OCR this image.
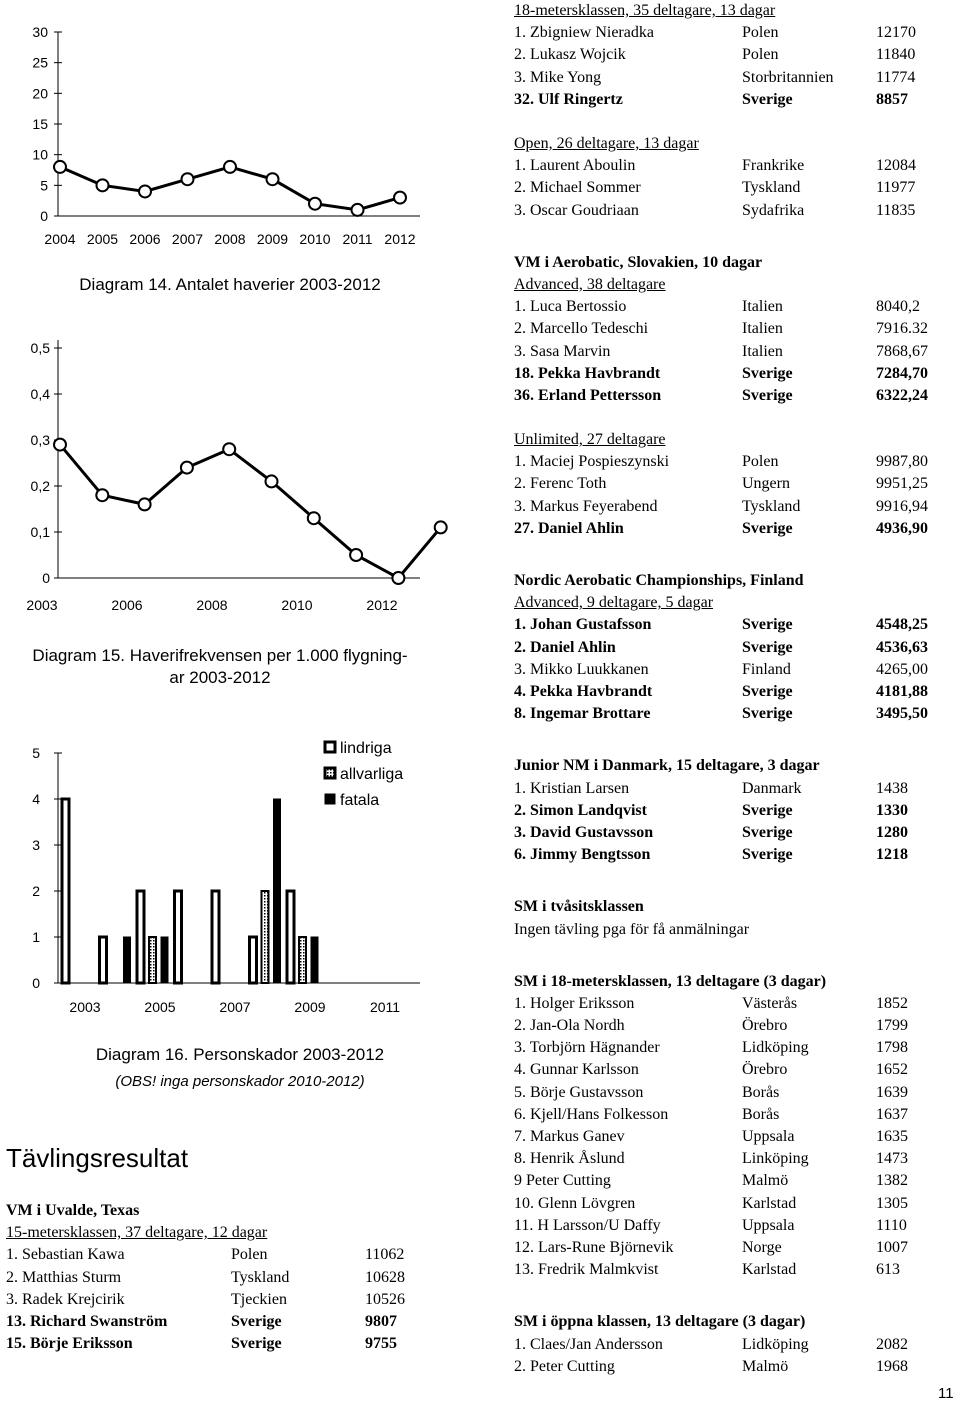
30
25
20
15
10
5
0
2004 2005 2006 2007 2008 2009 2010 2011 2012
Diagram 14. Antalet haverier 2003-2012
0,5
0,4
0,3
0,2
0,1
0
2003	2006	2008	2010	2012
Diagram 15. Haverifrekvensen per 1.000 flygning-
ar 2003-2012
5
4
3
2
1
0
2003	2005	2007	2009	2011
lindriga
allvarliga
fatala
Diagram 16. Personskador 2003-2012
(OBS! inga personskador 2010-2012)
Tävlingsresultat
VM i Uvalde, Texas
15-metersklassen, 37 deltagare, 12 dagar
1. Sebastian Kawa	Polen	11062
2. Matthias Sturm	Tyskland	10628
3. Radek Krejcirik	Tjeckien	10526
13. Richard Swanström	Sverige	9807
15. Börje Eriksson	Sverige	9755
18-metersklassen, 35 deltagare, 13 dagar
1. Zbigniew Nieradka	Polen	12170
2. Lukasz Wojcik	Polen	11840
3. Mike Yong	Storbritannien	11774
32. Ulf Ringertz	Sverige	8857
Open, 26 deltagare, 13 dagar
1. Laurent Aboulin	Frankrike	12084
2. Michael Sommer	Tyskland	11977
3. Oscar Goudriaan	Sydafrika	11835
VM i Aerobatic, Slovakien, 10 dagar
Advanced, 38 deltagare
1. Luca Bertossio	Italien	8040,2
2. Marcello Tedeschi	Italien	7916.32
3. Sasa Marvin	Italien	7868,67
18. Pekka Havbrandt	Sverige	7284,70
36. Erland Pettersson	Sverige	6322,24
Unlimited, 27 deltagare
1. Maciej Pospieszynski	Polen	9987,80
2. Ferenc Toth	Ungern	9951,25
3. Markus Feyerabend	Tyskland	9916,94
27. Daniel Ahlin	Sverige	4936,90
Nordic Aerobatic Championships, Finland
Advanced, 9 deltagare, 5 dagar
1. Johan Gustafsson	Sverige	4548,25
2. Daniel Ahlin	Sverige	4536,63
3. Mikko Luukkanen	Finland	4265,00
4. Pekka Havbrandt	Sverige	4181,88
8. Ingemar Brottare	Sverige	3495,50
Junior NM i Danmark, 15 deltagare, 3 dagar
1. Kristian Larsen	Danmark	1438
2. Simon Landqvist	Sverige	1330
3. David Gustavsson	Sverige	1280
6. Jimmy Bengtsson	Sverige	1218
SM i tvåsitsklassen
Ingen tävling pga för få anmälningar
SM i 18-metersklassen, 13 deltagare (3 dagar)
1. Holger Eriksson	Västerås	1852
2. Jan-Ola Nordh	Örebro	1799
3. Torbjörn Hägnander	Lidköping	1798
4. Gunnar Karlsson	Örebro	1652
5. Börje Gustavsson	Borås	1639
6. Kjell/Hans Folkesson	Borås	1637
7. Markus Ganev	Uppsala	1635
8. Henrik Åslund	Linköping	1473
9 Peter Cutting	Malmö	1382
10. Glenn Lövgren	Karlstad	1305
11. H Larsson/U Daffy	Uppsala	1110
12. Lars-Rune Björnevik	Norge	1007
13. Fredrik Malmkvist	Karlstad	613
SM i öppna klassen, 13 deltagare (3 dagar)
1. Claes/Jan Andersson	Lidköping	2082
2. Peter Cutting	Malmö	1968
11
